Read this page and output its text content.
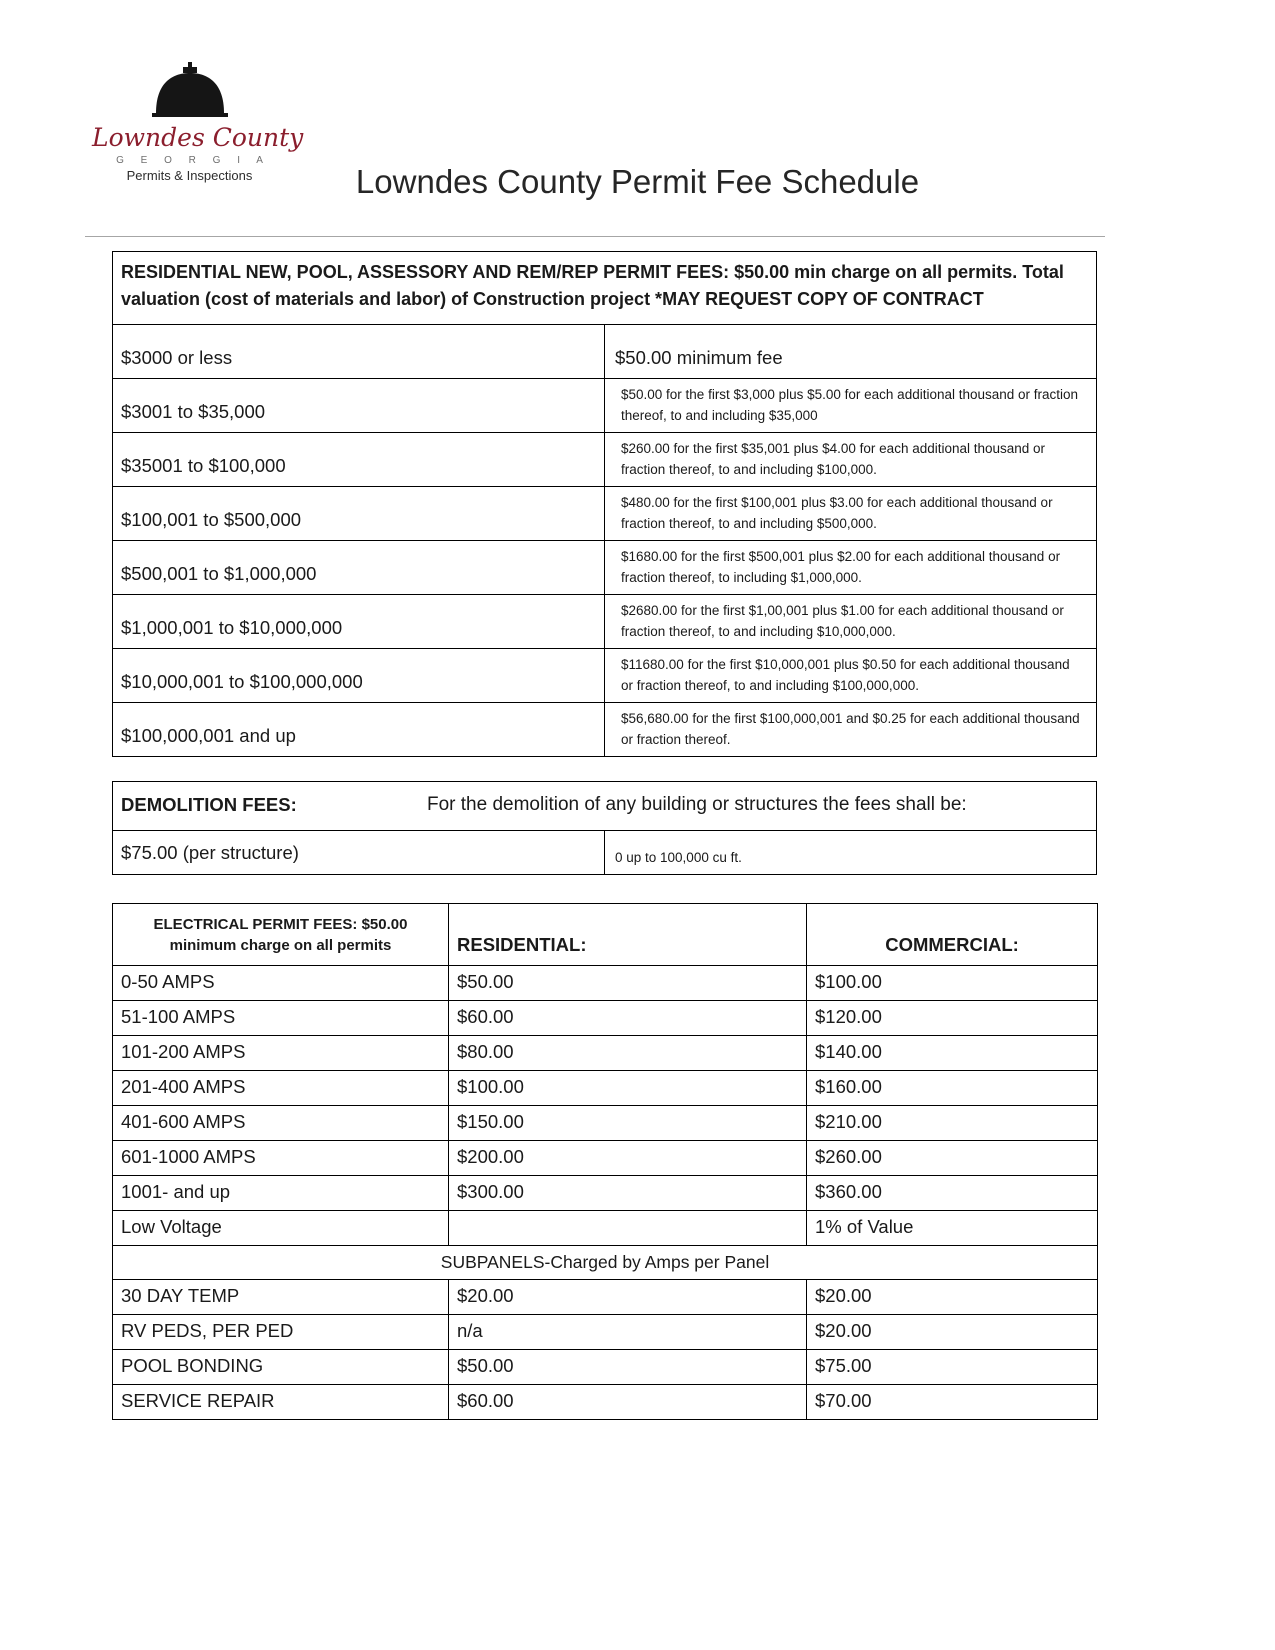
Lowndes County
G E O R G I A
Permits & Inspections	Lowndes County Permit Fee Schedule
RESIDENTIAL NEW, POOL, ASSESSORY AND REM/REP PERMIT FEES: $50.00 min charge on all permits. Total valuation (cost of materials and labor) of Construction project *MAY REQUEST COPY OF CONTRACT	
$3000 or less	$50.00 minimum fee
$3001 to $35,000	$50.00 for the first $3,000 plus $5.00 for each additional thousand or fraction thereof, to and including $35,000
$35001 to $100,000	$260.00 for the first $35,001 plus $4.00 for each additional thousand or fraction thereof, to and including $100,000.
$100,001 to $500,000	$480.00 for the first $100,001 plus $3.00 for each additional thousand or fraction thereof, to and including $500,000.
$500,001 to $1,000,000	$1680.00 for the first $500,001 plus $2.00 for each additional thousand or fraction thereof, to including $1,000,000.
$1,000,001 to $10,000,000	$2680.00 for the first $1,00,001 plus $1.00 for each additional thousand or fraction thereof, to and including $10,000,000.
$10,000,001 to $100,000,000	$11680.00 for the first $10,000,001 plus $0.50 for each additional thousand or fraction thereof, to and including $100,000,000.
$100,000,001 and up	$56,680.00 for the first $100,000,001 and $0.25 for each additional thousand or fraction thereof.
DEMOLITION FEES:	For the demolition of any building or structures the fees shall be:
$75.00 (per structure)	0 up to 100,000 cu ft.
ELECTRICAL PERMIT FEES: $50.00
minimum charge on all permits	RESIDENTIAL:	COMMERCIAL:
0-50 AMPS	$50.00	$100.00
51-100 AMPS	$60.00	$120.00
101-200 AMPS	$80.00	$140.00
201-400 AMPS	$100.00	$160.00
401-600 AMPS	$150.00	$210.00
601-1000 AMPS	$200.00	$260.00
1001- and up	$300.00	$360.00
Low Voltage		1% of Value
SUBPANELS-Charged by Amps per Panel		
30 DAY TEMP	$20.00	$20.00
RV PEDS, PER PED	n/a	$20.00
POOL BONDING	$50.00	$75.00
SERVICE REPAIR	$60.00	$70.00
